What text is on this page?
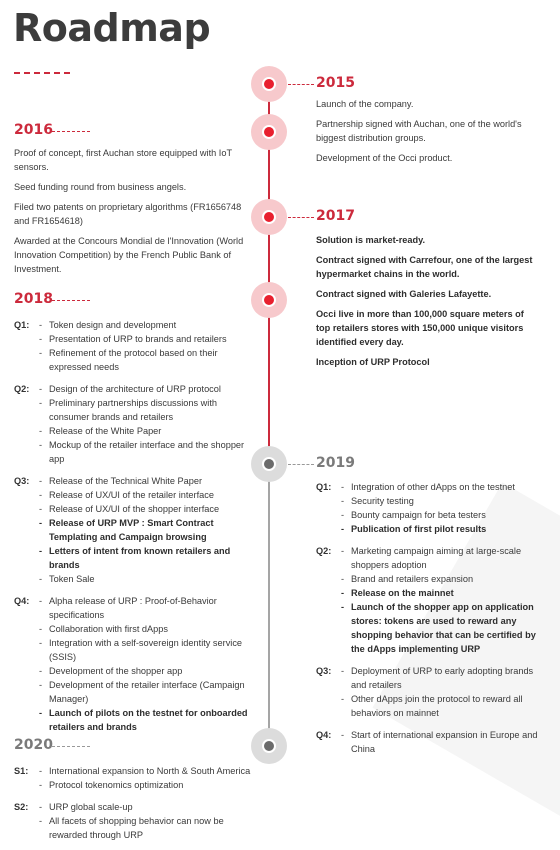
Roadmap
2015
2016
2017
2018
2019
2020

Launch of the company.

Partnership signed with Auchan, one of the world's biggest distribution groups.

Development of the Occi product.

Proof of concept, first Auchan store equipped with IoT sensors.

Seed funding round from business angels.

Filed two patents on proprietary algorithms (FR1656748 and FR1654618)

Awarded at the Concours Mondial de l'Innovation (World Innovation Competition) by the French Public Bank of Investment.

Solution is market-ready.

Contract signed with Carrefour, one of the largest hypermarket chains in the world.

Contract signed with Galeries Lafayette.

Occi live in more than 100,000 square meters of top retailers stores with 150,000 unique visitors identified every day.

Inception of URP Protocol

Q1:	- Token design and development
- Presentation of URP to brands and retailers
- Refinement of the protocol based on their expressed needs
Q2:	- Design of the architecture of URP protocol
- Preliminary partnerships discussions with consumer brands and retailers
- Release of the White Paper
- Mockup of the retailer interface and the shopper app
Q3:	- Release of the Technical White Paper
- Release of UX/UI of the retailer interface
- Release of UX/UI of the shopper interface
- Release of URP MVP : Smart Contract Templating and Campaign browsing
- Letters of intent from known retailers and brands
- Token Sale
Q4:	- Alpha release of URP : Proof-of-Behavior specifications
- Collaboration with first dApps
- Integration with a self-sovereign identity service (SSIS)
- Development of the shopper app
- Development of the retailer interface (Campaign Manager)
- Launch of pilots on the testnet for onboarded retailers and brands
Q1:	- Integration of other dApps on the testnet
- Security testing
- Bounty campaign for beta testers
- Publication of first pilot results
Q2:	- Marketing campaign aiming at large-scale shoppers adoption
- Brand and retailers expansion
- Release on the mainnet
- Launch of the shopper app on application stores: tokens are used to reward any shopping behavior that can be certified by the dApps implementing URP
Q3:	- Deployment of URP to early adopting brands and retailers
- Other dApps join the protocol to reward all behaviors on mainnet
Q4:	- Start of international expansion in Europe and China
S1:	- International expansion to North & South America
- Protocol tokenomics optimization
S2:	- URP global scale-up
- All facets of shopping behavior can now be rewarded through URP
